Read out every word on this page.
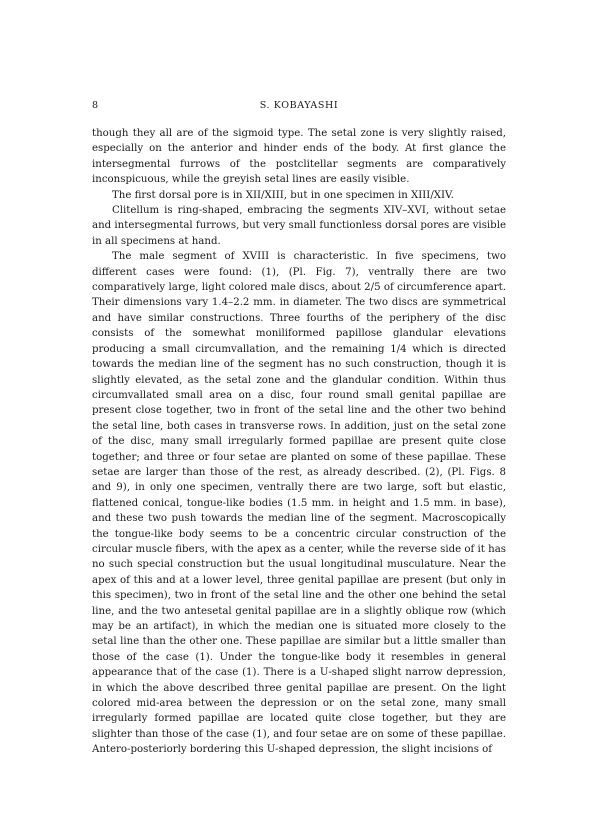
8	S. KOBAYASHI

though they all are of the sigmoid type. The setal zone is very slightly raised, especially on the anterior and hinder ends of the body. At first glance the intersegmental furrows of the postclitellar segments are comparatively inconspicuous, while the greyish setal lines are easily visible.

The first dorsal pore is in XII/XIII, but in one specimen in XIII/XIV.

Clitellum is ring-shaped, embracing the segments XIV–XVI, without setae and intersegmental furrows, but very small functionless dorsal pores are visible in all specimens at hand.

The male segment of XVIII is characteristic. In five specimens, two different cases were found: (1), (Pl. Fig. 7), ventrally there are two comparatively large, light colored male discs, about 2/5 of circumference apart. Their dimensions vary 1.4–2.2 mm. in diameter. The two discs are symmetrical and have similar constructions. Three fourths of the periphery of the disc consists of the somewhat moniliformed papillose glandular elevations producing a small circumvallation, and the remaining 1/4 which is directed towards the median line of the segment has no such construction, though it is slightly elevated, as the setal zone and the glandular condition. Within thus circumvallated small area on a disc, four round small genital papillae are present close together, two in front of the setal line and the other two behind the setal line, both cases in transverse rows. In addition, just on the setal zone of the disc, many small irregularly formed papillae are present quite close together; and three or four setae are planted on some of these papillae. These setae are larger than those of the rest, as already described. (2), (Pl. Figs. 8 and 9), in only one specimen, ventrally there are two large, soft but elastic, flattened conical, tongue-like bodies (1.5 mm. in height and 1.5 mm. in base), and these two push towards the median line of the segment. Macroscopically the tongue-like body seems to be a concentric circular construction of the circular muscle fibers, with the apex as a center, while the reverse side of it has no such special construction but the usual longitudinal musculature. Near the apex of this and at a lower level, three genital papillae are present (but only in this specimen), two in front of the setal line and the other one behind the setal line, and the two antesetal genital papillae are in a slightly oblique row (which may be an artifact), in which the median one is situated more closely to the setal line than the other one. These papillae are similar but a little smaller than those of the case (1). Under the tongue-like body it resembles in general appearance that of the case (1). There is a U-shaped slight narrow depression, in which the above described three genital papillae are present. On the light colored mid-area between the depression or on the setal zone, many small irregularly formed papillae are located quite close together, but they are slighter than those of the case (1), and four setae are on some of these papillae. Antero-posteriorly bordering this U-shaped depression, the slight incisions of
